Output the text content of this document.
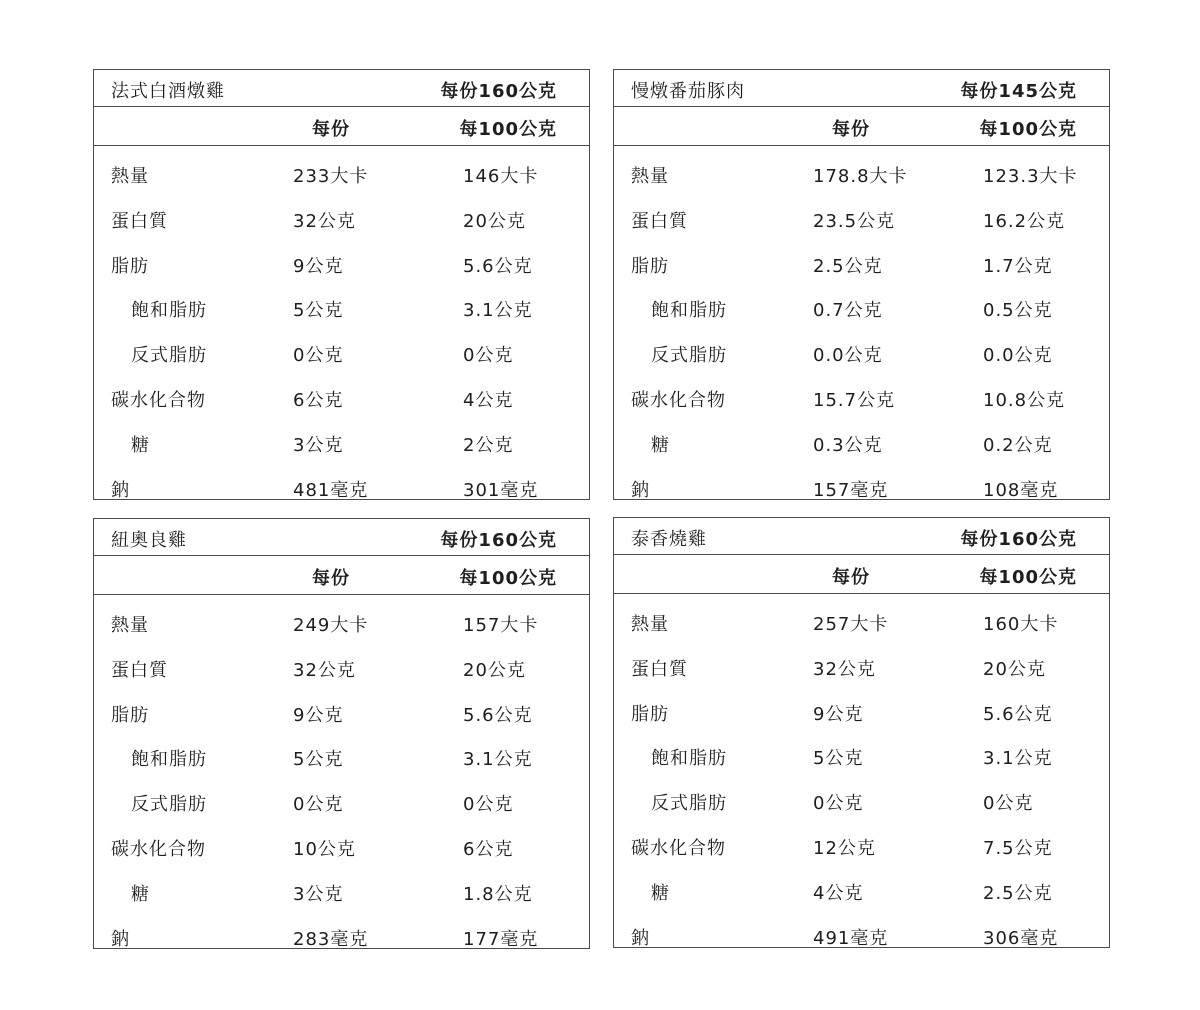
法式白酒燉雞	每份160公克
每份	每100公克
熱量	233大卡	146大卡
蛋白質	32公克	20公克
脂肪	9公克	5.6公克
飽和脂肪	5公克	3.1公克
反式脂肪	0公克	0公克
碳水化合物	6公克	4公克
糖	3公克	2公克
鈉	481毫克	301毫克
慢燉番茄豚肉	每份145公克
每份	每100公克
熱量	178.8大卡	123.3大卡
蛋白質	23.5公克	16.2公克
脂肪	2.5公克	1.7公克
飽和脂肪	0.7公克	0.5公克
反式脂肪	0.0公克	0.0公克
碳水化合物	15.7公克	10.8公克
糖	0.3公克	0.2公克
鈉	157毫克	108毫克
紐奧良雞	每份160公克
每份	每100公克
熱量	249大卡	157大卡
蛋白質	32公克	20公克
脂肪	9公克	5.6公克
飽和脂肪	5公克	3.1公克
反式脂肪	0公克	0公克
碳水化合物	10公克	6公克
糖	3公克	1.8公克
鈉	283毫克	177毫克
泰香燒雞	每份160公克
每份	每100公克
熱量	257大卡	160大卡
蛋白質	32公克	20公克
脂肪	9公克	5.6公克
飽和脂肪	5公克	3.1公克
反式脂肪	0公克	0公克
碳水化合物	12公克	7.5公克
糖	4公克	2.5公克
鈉	491毫克	306毫克
